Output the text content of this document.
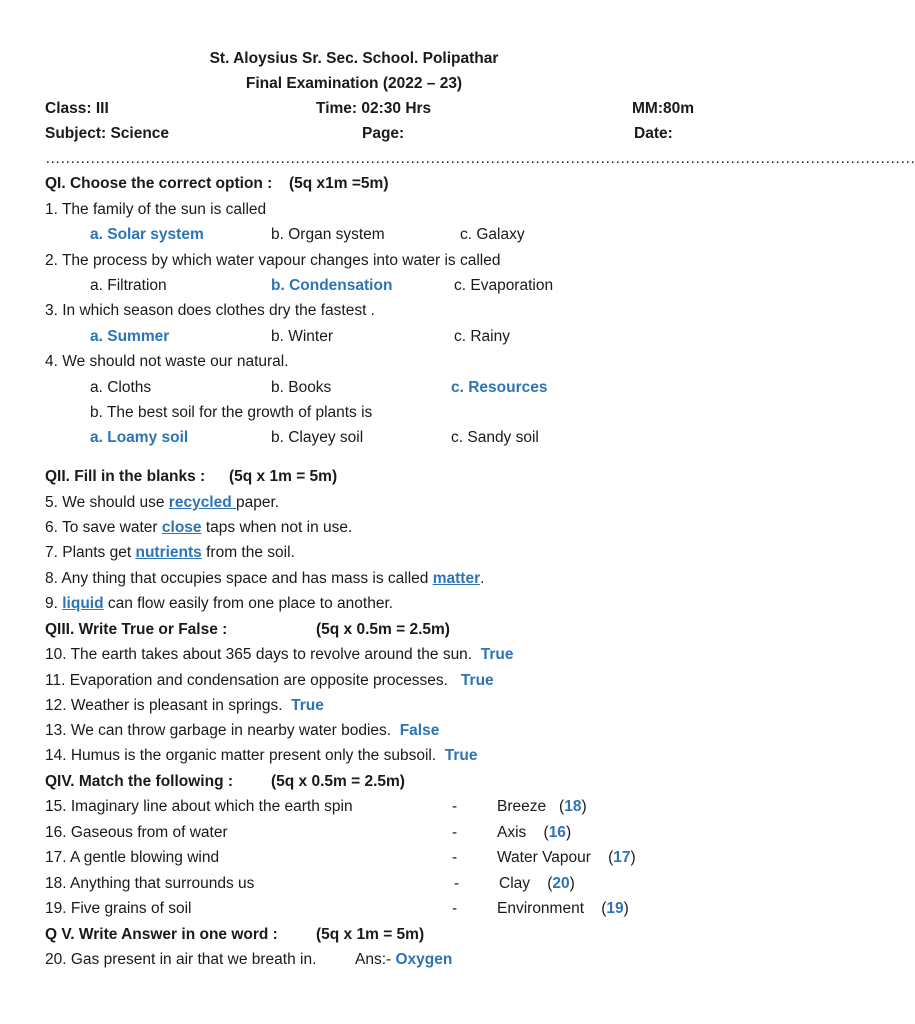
St. Aloysius Sr. Sec. School. Polipathar
Final Examination (2022 – 23)
Class: III	Time: 02:30 Hrs	MM:80m
Subject: Science	Page:	Date:
…………………………………………………………………………………………………………………………………………………………
QI. Choose the correct option : (5q x1m =5m)
1. The family of the sun is called
a. Solar system	b. Organ system	c. Galaxy
2. The process by which water vapour changes into water is called
a. Filtration	b. Condensation	c. Evaporation
3. In which season does clothes dry the fastest .
a. Summer	b. Winter	c. Rainy
4. We should not waste our natural.
a. Cloths	b. Books	c. Resources
b. The best soil for the growth of plants is
a. Loamy soil	b. Clayey soil	c. Sandy soil
QII. Fill in the blanks : (5q x 1m = 5m)
5. We should use recycled paper.
6. To save water close taps when not in use.
7. Plants get nutrients from the soil.
8. Any thing that occupies space and has mass is called matter.
9. liquid can flow easily from one place to another.
QIII. Write True or False :	(5q x 0.5m = 2.5m)
10. The earth takes about 365 days to revolve around the sun. True
11. Evaporation and condensation are opposite processes. True
12. Weather is pleasant in springs. True
13. We can throw garbage in nearby water bodies. False
14. Humus is the organic matter present only the subsoil. True
QIV. Match the following : (5q x 0.5m = 2.5m)
15. Imaginary line about which the earth spin	-	Breeze   (18)
16. Gaseous from of water	-	Axis    (16)
17. A gentle blowing wind	-	Water Vapour    (17)
18. Anything that surrounds us	-	Clay    (20)
19. Five grains of soil	-	Environment    (19)
Q V. Write Answer in one word : (5q x 1m = 5m)
20. Gas present in air that we breath in. Ans:- Oxygen
